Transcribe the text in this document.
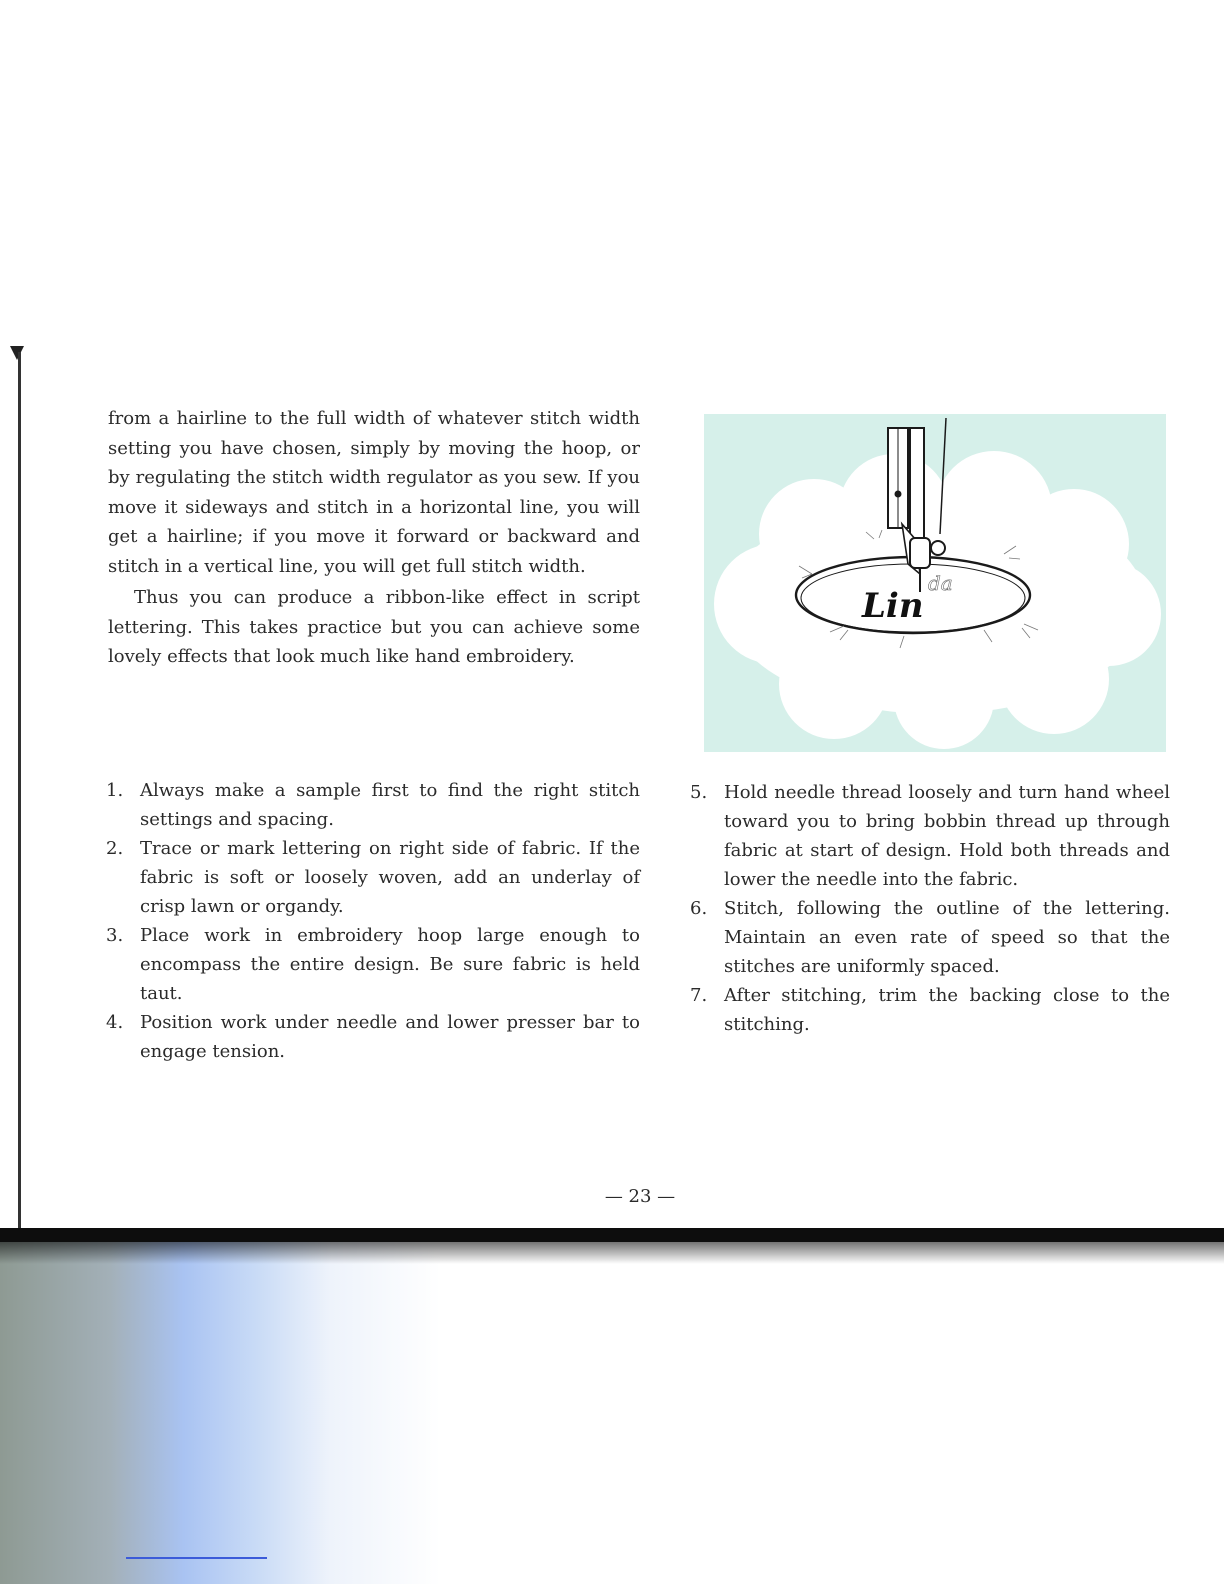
from a hairline to the full width of whatever stitch width setting you have chosen, simply by moving the hoop, or by regulating the stitch width regulator as you sew. If you move it sideways and stitch in a horizontal line, you will get a hairline; if you move it forward or backward and stitch in a vertical line, you will get full stitch width.

Thus you can produce a ribbon-like effect in script lettering. This takes practice but you can achieve some lovely effects that look much like hand embroidery.

Lin
da
1. Always make a sample first to find the right stitch settings and spacing.
2. Trace or mark lettering on right side of fabric. If the fabric is soft or loosely woven, add an underlay of crisp lawn or organdy.
3. Place work in embroidery hoop large enough to encompass the entire design. Be sure fabric is held taut.
4. Position work under needle and lower presser bar to engage tension.
5. Hold needle thread loosely and turn hand wheel toward you to bring bobbin thread up through fabric at start of design. Hold both threads and lower the needle into the fabric.
6. Stitch, following the outline of the lettering. Maintain an even rate of speed so that the stitches are uniformly spaced.
7. After stitching, trim the backing close to the stitching.
— 23 —
